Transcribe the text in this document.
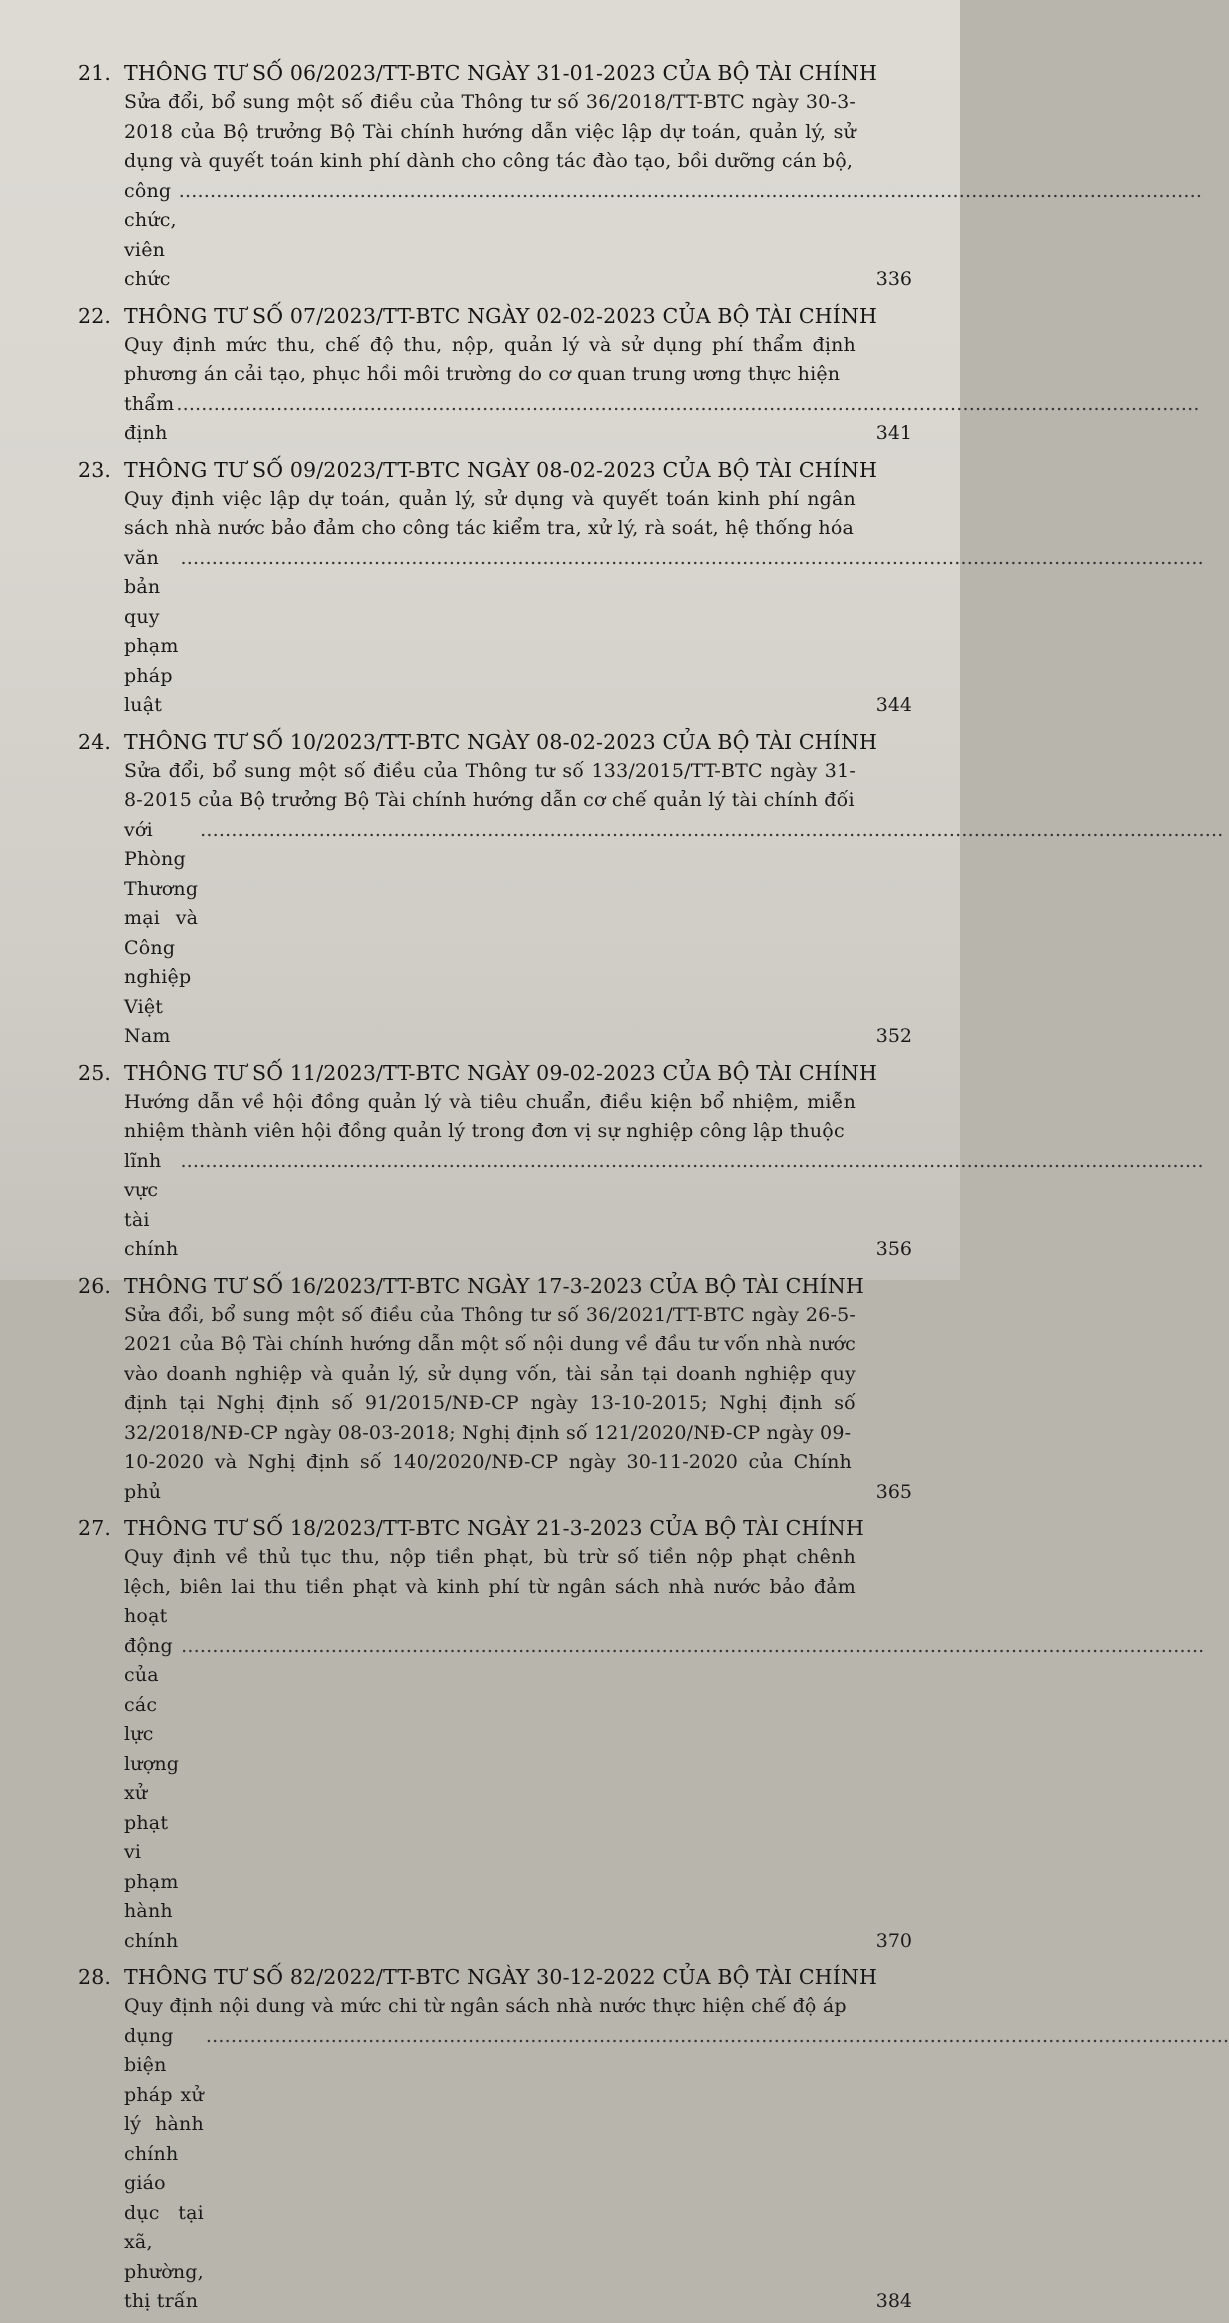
21. THÔNG TƯ SỐ 06/2023/TT-BTC NGÀY 31-01-2023 CỦA BỘ TÀI CHÍNH
Sửa đổi, bổ sung một số điều của Thông tư số 36/2018/TT-BTC ngày 30-3-2018 của Bộ trưởng Bộ Tài chính hướng dẫn việc lập dự toán, quản lý, sử dụng và quyết toán kinh phí dành cho công tác đào tạo, bồi dưỡng cán bộ,
công chức, viên chức
....................................................................................................................................................................
336
22. THÔNG TƯ SỐ 07/2023/TT-BTC NGÀY 02-02-2023 CỦA BỘ TÀI CHÍNH
Quy định mức thu, chế độ thu, nộp, quản lý và sử dụng phí thẩm định phương án cải tạo, phục hồi môi trường do cơ quan trung ương thực hiện
thẩm định
....................................................................................................................................................................
341
23. THÔNG TƯ SỐ 09/2023/TT-BTC NGÀY 08-02-2023 CỦA BỘ TÀI CHÍNH
Quy định việc lập dự toán, quản lý, sử dụng và quyết toán kinh phí ngân sách nhà nước bảo đảm cho công tác kiểm tra, xử lý, rà soát, hệ thống hóa
văn bản quy phạm pháp luật
....................................................................................................................................................................
344
24. THÔNG TƯ SỐ 10/2023/TT-BTC NGÀY 08-02-2023 CỦA BỘ TÀI CHÍNH
Sửa đổi, bổ sung một số điều của Thông tư số 133/2015/TT-BTC ngày 31-8-2015 của Bộ trưởng Bộ Tài chính hướng dẫn cơ chế quản lý tài chính đối
với Phòng Thương mại và Công nghiệp Việt Nam
....................................................................................................................................................................
352
25. THÔNG TƯ SỐ 11/2023/TT-BTC NGÀY 09-02-2023 CỦA BỘ TÀI CHÍNH
Hướng dẫn về hội đồng quản lý và tiêu chuẩn, điều kiện bổ nhiệm, miễn nhiệm thành viên hội đồng quản lý trong đơn vị sự nghiệp công lập thuộc
lĩnh vực tài chính
....................................................................................................................................................................
356
26. THÔNG TƯ SỐ 16/2023/TT-BTC NGÀY 17-3-2023 CỦA BỘ TÀI CHÍNH
Sửa đổi, bổ sung một số điều của Thông tư số 36/2021/TT-BTC ngày 26-5-2021 của Bộ Tài chính hướng dẫn một số nội dung về đầu tư vốn nhà nước vào doanh nghiệp và quản lý, sử dụng vốn, tài sản tại doanh nghiệp quy định tại Nghị định số 91/2015/NĐ-CP ngày 13-10-2015; Nghị định số 32/2018/NĐ-CP ngày 08-03-2018; Nghị định số 121/2020/NĐ-CP ngày 09-
10-2020 và Nghị định số 140/2020/NĐ-CP ngày 30-11-2020 của Chính phủ	365
27. THÔNG TƯ SỐ 18/2023/TT-BTC NGÀY 21-3-2023 CỦA BỘ TÀI CHÍNH
Quy định về thủ tục thu, nộp tiền phạt, bù trừ số tiền nộp phạt chênh lệch, biên lai thu tiền phạt và kinh phí từ ngân sách nhà nước bảo đảm hoạt
động của các lực lượng xử phạt vi phạm hành chính
....................................................................................................................................................................
370
28. THÔNG TƯ SỐ 82/2022/TT-BTC NGÀY 30-12-2022 CỦA BỘ TÀI CHÍNH
Quy định nội dung và mức chi từ ngân sách nhà nước thực hiện chế độ áp
dụng biện pháp xử lý hành chính giáo dục tại xã, phường, thị trấn
....................................................................................................................................................................
384
